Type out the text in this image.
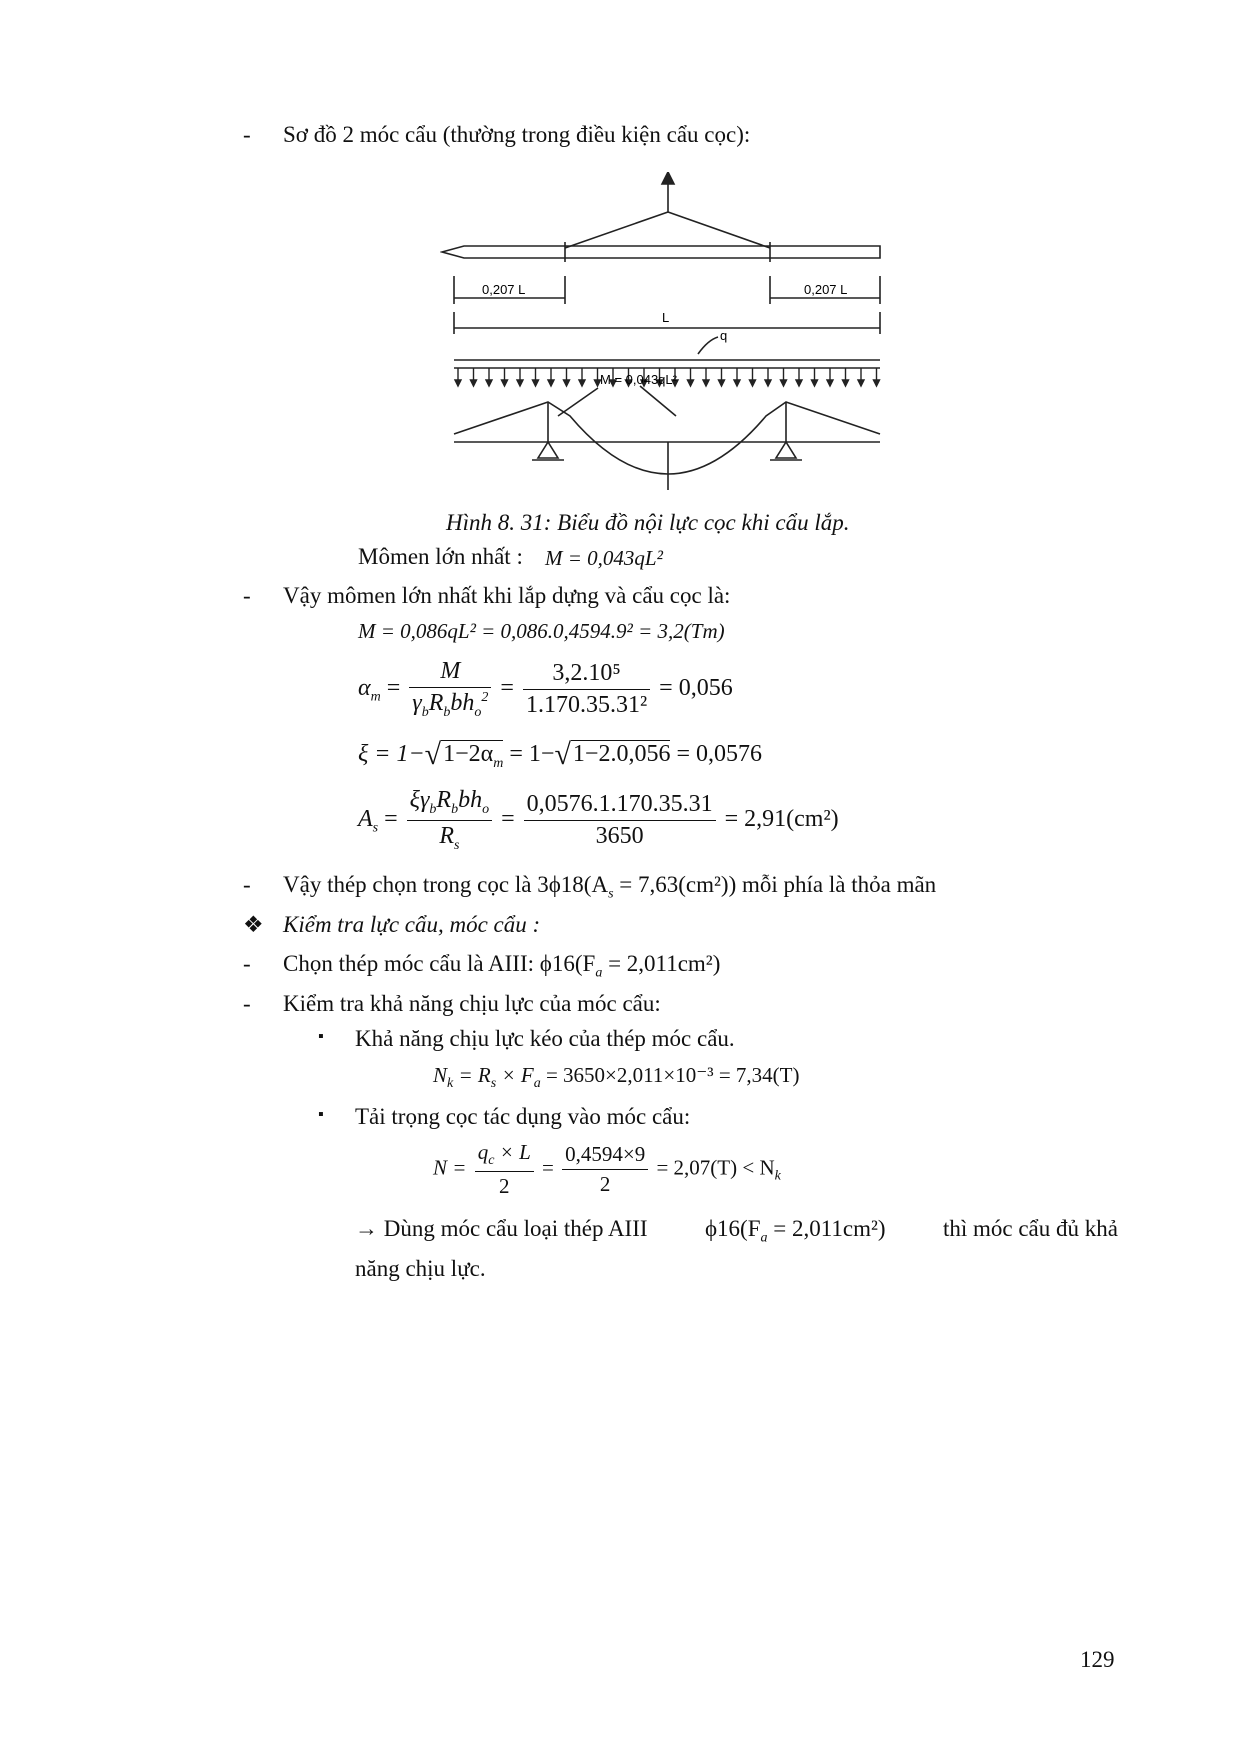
- Sơ đồ 2 móc cẩu (thường trong điều kiện cẩu cọc):
0,207 L	0,207 L
L
q
M = 0,043qL²
Hình 8. 31: Biểu đồ nội lực cọc khi cẩu lắp.
Mômen lớn nhất : M = 0,043qL²
- Vậy mômen lớn nhất khi lắp dựng và cẩu cọc là:
M = 0,086qL² = 0,086.0,4594.9² = 3,2(Tm)
$\alpha_m = \frac{M}{\gamma_bR_bbh_o^2} = \frac{\text{3,2.10⁵}}{\text{1.170.35.31²}} = 0,056$
$\xi = 1-√1-2\alpha_m = 1-√1-2.0,056 = 0,0576$
$A_s = \frac{\xi\gamma_bR_bbh_o}{R_s} = \frac{0,0576.1.170.35.31}{3650} = 2,91(cm^2)$
- Vậy thép chọn trong cọc là $3\phi 18(A_s = 7,63(cm^2))$ mỗi phía là thỏa mãn
❖ Kiểm tra lực cẩu, móc cẩu :
- Chọn thép móc cẩu là AIII: $\phi 16(F_a = 2,011cm^2)$
- Kiểm tra khả năng chịu lực của móc cẩu:
▪ Khả năng chịu lực kéo của thép móc cẩu.
$N_k = R_s \times F_a = 3650\times 2,011\times 10^{-3} = 7,34(T)$
▪ Tải trọng cọc tác dụng vào móc cẩu:
$N = \frac{q_c \times L}{2} = \frac{0,4594\times 9}{2} = 2,07(T) < N_k$
→ Dùng móc cẩu loại thép AIII $\phi 16(F_a = 2,011cm^2)$ thì móc cẩu đủ khả
năng chịu lực.
129
